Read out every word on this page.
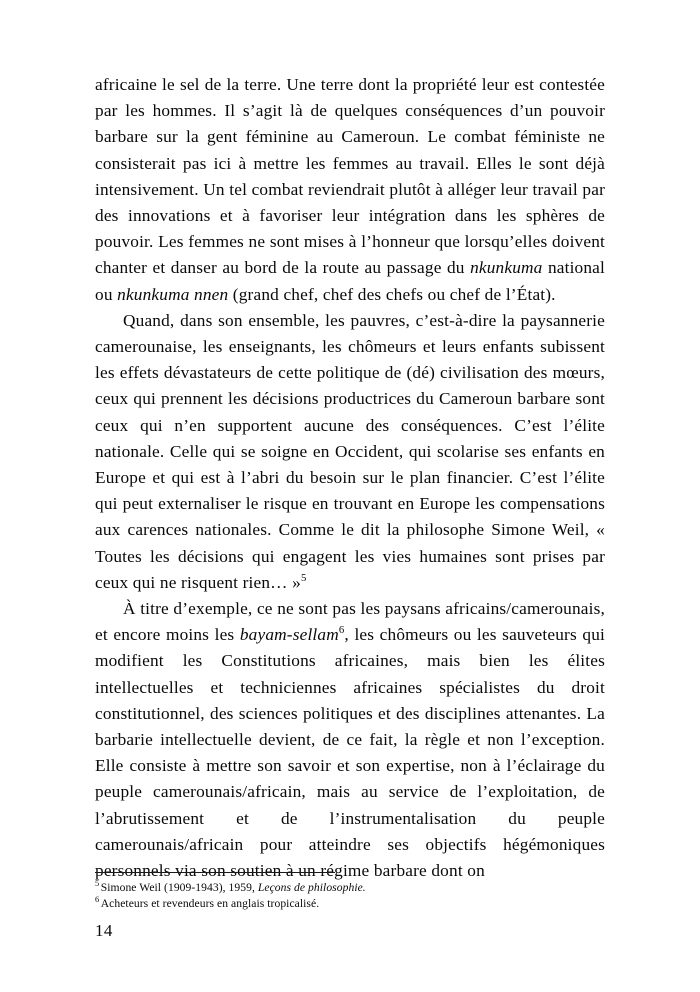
africaine le sel de la terre. Une terre dont la propriété leur est contestée par les hommes. Il s’agit là de quelques conséquences d’un pouvoir barbare sur la gent féminine au Cameroun. Le combat féministe ne consisterait pas ici à mettre les femmes au travail. Elles le sont déjà intensivement. Un tel combat reviendrait plutôt à alléger leur travail par des innovations et à favoriser leur intégration dans les sphères de pouvoir. Les femmes ne sont mises à l’honneur que lorsqu’elles doivent chanter et danser au bord de la route au passage du nkunkuma national ou nkunkuma nnen (grand chef, chef des chefs ou chef de l’État).

Quand, dans son ensemble, les pauvres, c’est-à-dire la paysannerie camerounaise, les enseignants, les chômeurs et leurs enfants subissent les effets dévastateurs de cette politique de (dé) civilisation des mœurs, ceux qui prennent les décisions productrices du Cameroun barbare sont ceux qui n’en supportent aucune des conséquences. C’est l’élite nationale. Celle qui se soigne en Occident, qui scolarise ses enfants en Europe et qui est à l’abri du besoin sur le plan financier. C’est l’élite qui peut externaliser le risque en trouvant en Europe les compensations aux carences nationales. Comme le dit la philosophe Simone Weil, « Toutes les décisions qui engagent les vies humaines sont prises par ceux qui ne risquent rien… »$^5$

À titre d’exemple, ce ne sont pas les paysans africains/camerounais, et encore moins les bayam-sellam$^6$, les chômeurs ou les sauveteurs qui modifient les Constitutions africaines, mais bien les élites intellectuelles et techniciennes africaines spécialistes du droit constitutionnel, des sciences politiques et des disciplines attenantes. La barbarie intellectuelle devient, de ce fait, la règle et non l’exception. Elle consiste à mettre son savoir et son expertise, non à l’éclairage du peuple camerounais/africain, mais au service de l’exploitation, de l’abrutissement et de l’instrumentalisation du peuple camerounais/africain pour atteindre ses objectifs hégémoniques personnels via son soutien à un régime barbare dont on

$^5$ Simone Weil (1909-1943), 1959, Leçons de philosophie.

$^6$ Acheteurs et revendeurs en anglais tropicalisé.

14
